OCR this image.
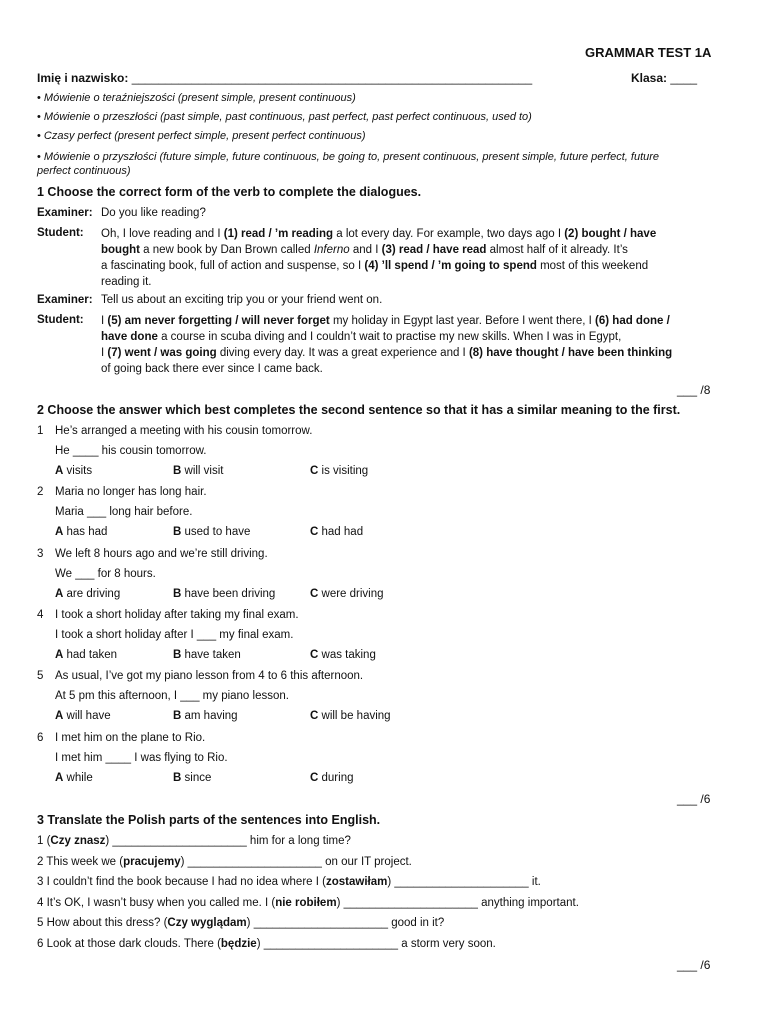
GRAMMAR TEST 1A
Imię i nazwisko: ____________________________________________________________	Klasa: ____
• Mówienie o teraźniejszości (present simple, present continuous)
• Mówienie o przeszłości (past simple, past continuous, past perfect, past perfect continuous, used to)
• Czasy perfect (present perfect simple, present perfect continuous)
• Mówienie o przyszłości (future simple, future continuous, be going to, present continuous, present simple, future perfect, future
perfect continuous)
1 Choose the correct form of the verb to complete the dialogues.
Examiner: Do you like reading?
Student: Oh, I love reading and I (1) read / ’m reading a lot every day. For example, two days ago I (2) bought / have
bought a new book by Dan Brown called Inferno and I (3) read / have read almost half of it already. It’s
a fascinating book, full of action and suspense, so I (4) ’ll spend / ’m going to spend most of this weekend
reading it.
Examiner: Tell us about an exciting trip you or your friend went on.
Student: I (5) am never forgetting / will never forget my holiday in Egypt last year. Before I went there, I (6) had done /
have done a course in scuba diving and I couldn’t wait to practise my new skills. When I was in Egypt,
I (7) went / was going diving every day. It was a great experience and I (8) have thought / have been thinking
of going back there ever since I came back.
___ /8
2 Choose the answer which best completes the second sentence so that it has a similar meaning to the first.
1 He’s arranged a meeting with his cousin tomorrow.
He ____ his cousin tomorrow.
A visits	B will visit	C is visiting
2 Maria no longer has long hair.
Maria ___ long hair before.
A has had	B used to have	C had had
3 We left 8 hours ago and we’re still driving.
We ___ for 8 hours.
A are driving	B have been driving	C were driving
4 I took a short holiday after taking my final exam.
I took a short holiday after I ___ my final exam.
A had taken	B have taken	C was taking
5 As usual, I’ve got my piano lesson from 4 to 6 this afternoon.
At 5 pm this afternoon, I ___ my piano lesson.
A will have	B am having	C will be having
6 I met him on the plane to Rio.
I met him ____ I was flying to Rio.
A while	B since	C during
___ /6
3 Translate the Polish parts of the sentences into English.
1 (Czy znasz) _____________________ him for a long time?
2 This week we (pracujemy) _____________________ on our IT project.
3 I couldn’t find the book because I had no idea where I (zostawiłam) _____________________ it.
4 It’s OK, I wasn’t busy when you called me. I (nie robiłem) _____________________ anything important.
5 How about this dress? (Czy wyglądam) _____________________ good in it?
6 Look at those dark clouds. There (będzie) _____________________ a storm very soon.
___ /6
